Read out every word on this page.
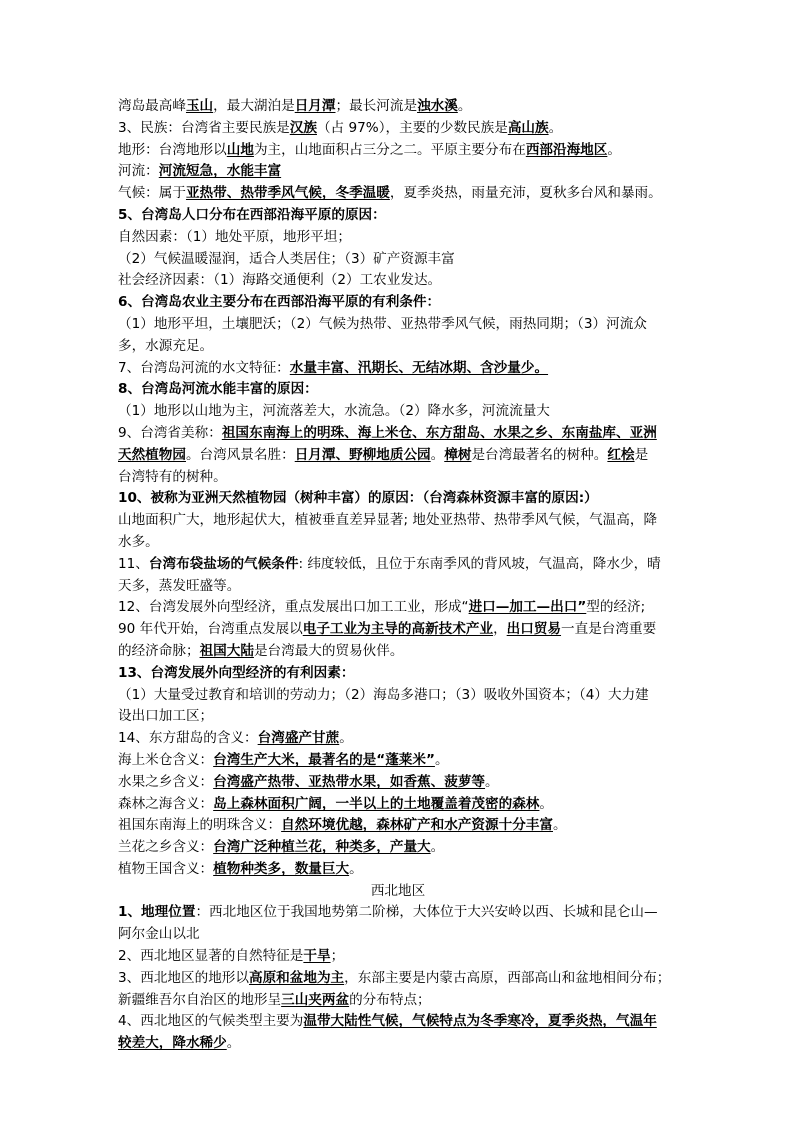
湾岛最高峰玉山，最大湖泊是日月潭；最长河流是浊水溪。
3、民族：台湾省主要民族是汉族（占 97%），主要的少数民族是高山族。
地形：台湾地形以山地为主，山地面积占三分之二。平原主要分布在西部沿海地区。
河流：河流短急，水能丰富
气候：属于亚热带、热带季风气候，冬季温暖，夏季炎热，雨量充沛，夏秋多台风和暴雨。
5、台湾岛人口分布在西部沿海平原的原因：
自然因素：（1）地处平原，地形平坦；
（2）气候温暖湿润，适合人类居住；（3）矿产资源丰富
社会经济因素：（1）海路交通便利（2）工农业发达。
6、台湾岛农业主要分布在西部沿海平原的有利条件：
（1）地形平坦，土壤肥沃；（2）气候为热带、亚热带季风气候，雨热同期；（3）河流众
多，水源充足。
7、台湾岛河流的水文特征：水量丰富、汛期长、无结冰期、含沙量少。
8、台湾岛河流水能丰富的原因：
（1）地形以山地为主，河流落差大，水流急。（2）降水多，河流流量大
9、台湾省美称：祖国东南海上的明珠、海上米仓、东方甜岛、水果之乡、东南盐库、亚洲
天然植物园。台湾风景名胜：日月潭、野柳地质公园。樟树是台湾最著名的树种。红桧是
台湾特有的树种。
10、被称为亚洲天然植物园（树种丰富）的原因：（台湾森林资源丰富的原因:）
山地面积广大，地形起伏大，植被垂直差异显著; 地处亚热带、热带季风气候，气温高，降
水多。
11、台湾布袋盐场的气候条件: 纬度较低，且位于东南季风的背风坡，气温高，降水少，晴
天多，蒸发旺盛等。
12、台湾发展外向型经济，重点发展出口加工工业，形成“进口—加工—出口”型的经济;
90 年代开始，台湾重点发展以电子工业为主导的高新技术产业，出口贸易一直是台湾重要
的经济命脉；祖国大陆是台湾最大的贸易伙伴。
13、台湾发展外向型经济的有利因素：
（1）大量受过教育和培训的劳动力；（2）海岛多港口；（3）吸收外国资本；（4）大力建
设出口加工区；
14、东方甜岛的含义：台湾盛产甘蔗。
海上米仓含义：台湾生产大米，最著名的是“蓬莱米”。
水果之乡含义：台湾盛产热带、亚热带水果，如香蕉、菠萝等。
森林之海含义：岛上森林面积广阔，一半以上的土地覆盖着茂密的森林。
祖国东南海上的明珠含义：自然环境优越，森林矿产和水产资源十分丰富。
兰花之乡含义：台湾广泛种植兰花，种类多，产量大。
植物王国含义：植物种类多，数量巨大。
西北地区
1、地理位置：西北地区位于我国地势第二阶梯，大体位于大兴安岭以西、长城和昆仑山—
阿尔金山以北
2、西北地区显著的自然特征是干旱；
3、西北地区的地形以高原和盆地为主，东部主要是内蒙古高原，西部高山和盆地相间分布；
新疆维吾尔自治区的地形呈三山夹两盆的分布特点；
4、西北地区的气候类型主要为温带大陆性气候，气候特点为冬季寒冷，夏季炎热，气温年
较差大，降水稀少。
